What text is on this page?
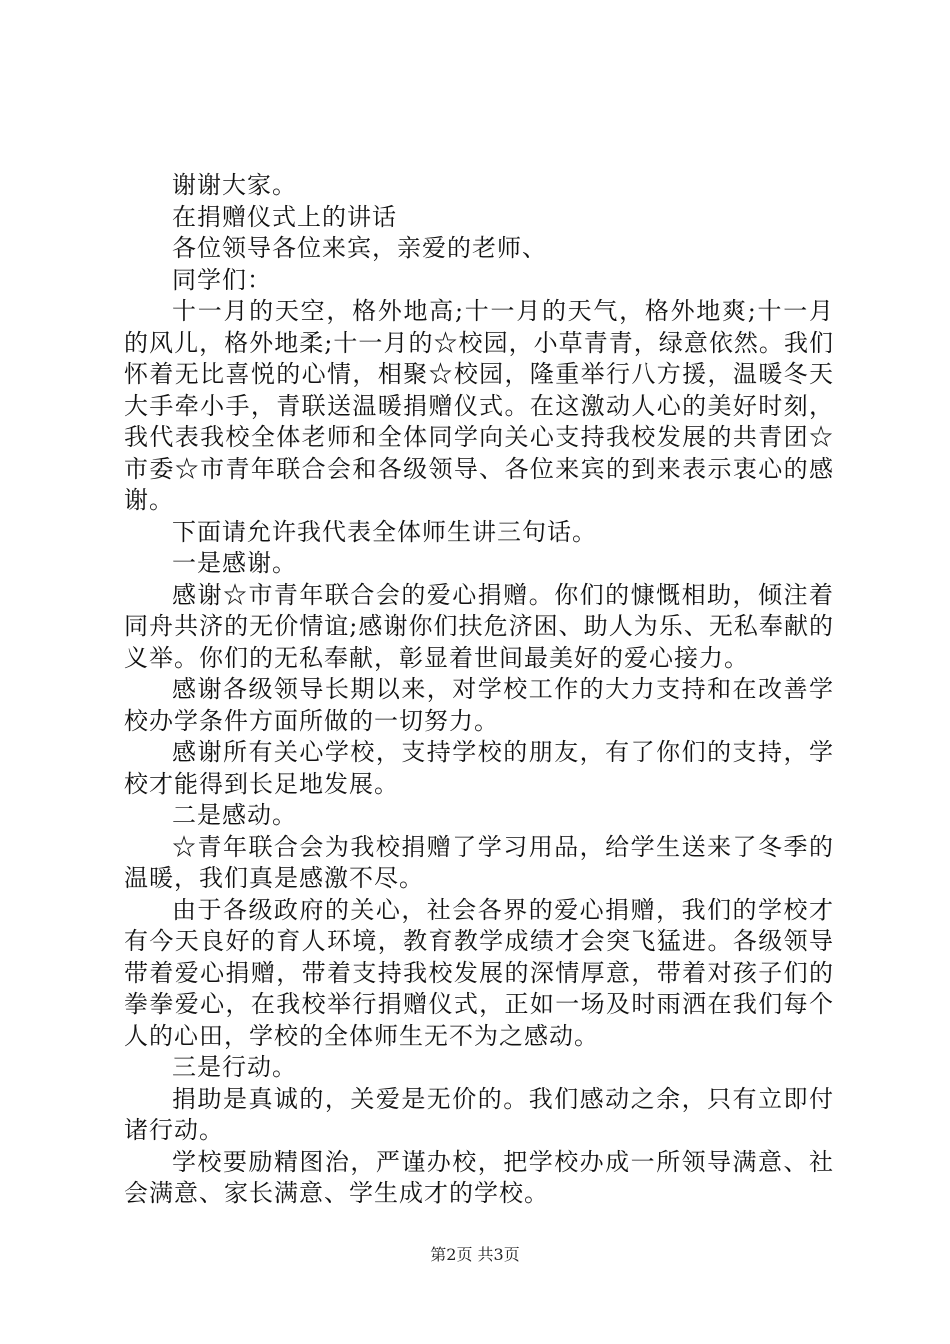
谢谢大家。

在捐赠仪式上的讲话

各位领导各位来宾，亲爱的老师、

同学们：

十一月的天空，格外地高;十一月的天气，格外地爽;十一月的风儿，格外地柔;十一月的☆校园，小草青青，绿意依然。我们怀着无比喜悦的心情，相聚☆校园，隆重举行八方援，温暖冬天大手牵小手，青联送温暖捐赠仪式。在这激动人心的美好时刻，我代表我校全体老师和全体同学向关心支持我校发展的共青团☆市委☆市青年联合会和各级领导、各位来宾的到来表示衷心的感谢。

下面请允许我代表全体师生讲三句话。

一是感谢。

感谢☆市青年联合会的爱心捐赠。你们的慷慨相助，倾注着同舟共济的无价情谊;感谢你们扶危济困、助人为乐、无私奉献的义举。你们的无私奉献，彰显着世间最美好的爱心接力。

感谢各级领导长期以来，对学校工作的大力支持和在改善学校办学条件方面所做的一切努力。

感谢所有关心学校，支持学校的朋友，有了你们的支持，学校才能得到长足地发展。

二是感动。

☆青年联合会为我校捐赠了学习用品，给学生送来了冬季的温暖，我们真是感激不尽。

由于各级政府的关心，社会各界的爱心捐赠，我们的学校才有今天良好的育人环境，教育教学成绩才会突飞猛进。各级领导带着爱心捐赠，带着支持我校发展的深情厚意，带着对孩子们的拳拳爱心，在我校举行捐赠仪式，正如一场及时雨洒在我们每个人的心田，学校的全体师生无不为之感动。

三是行动。

捐助是真诚的，关爱是无价的。我们感动之余，只有立即付诸行动。

学校要励精图治，严谨办校，把学校办成一所领导满意、社会满意、家长满意、学生成才的学校。

第2页 共3页
